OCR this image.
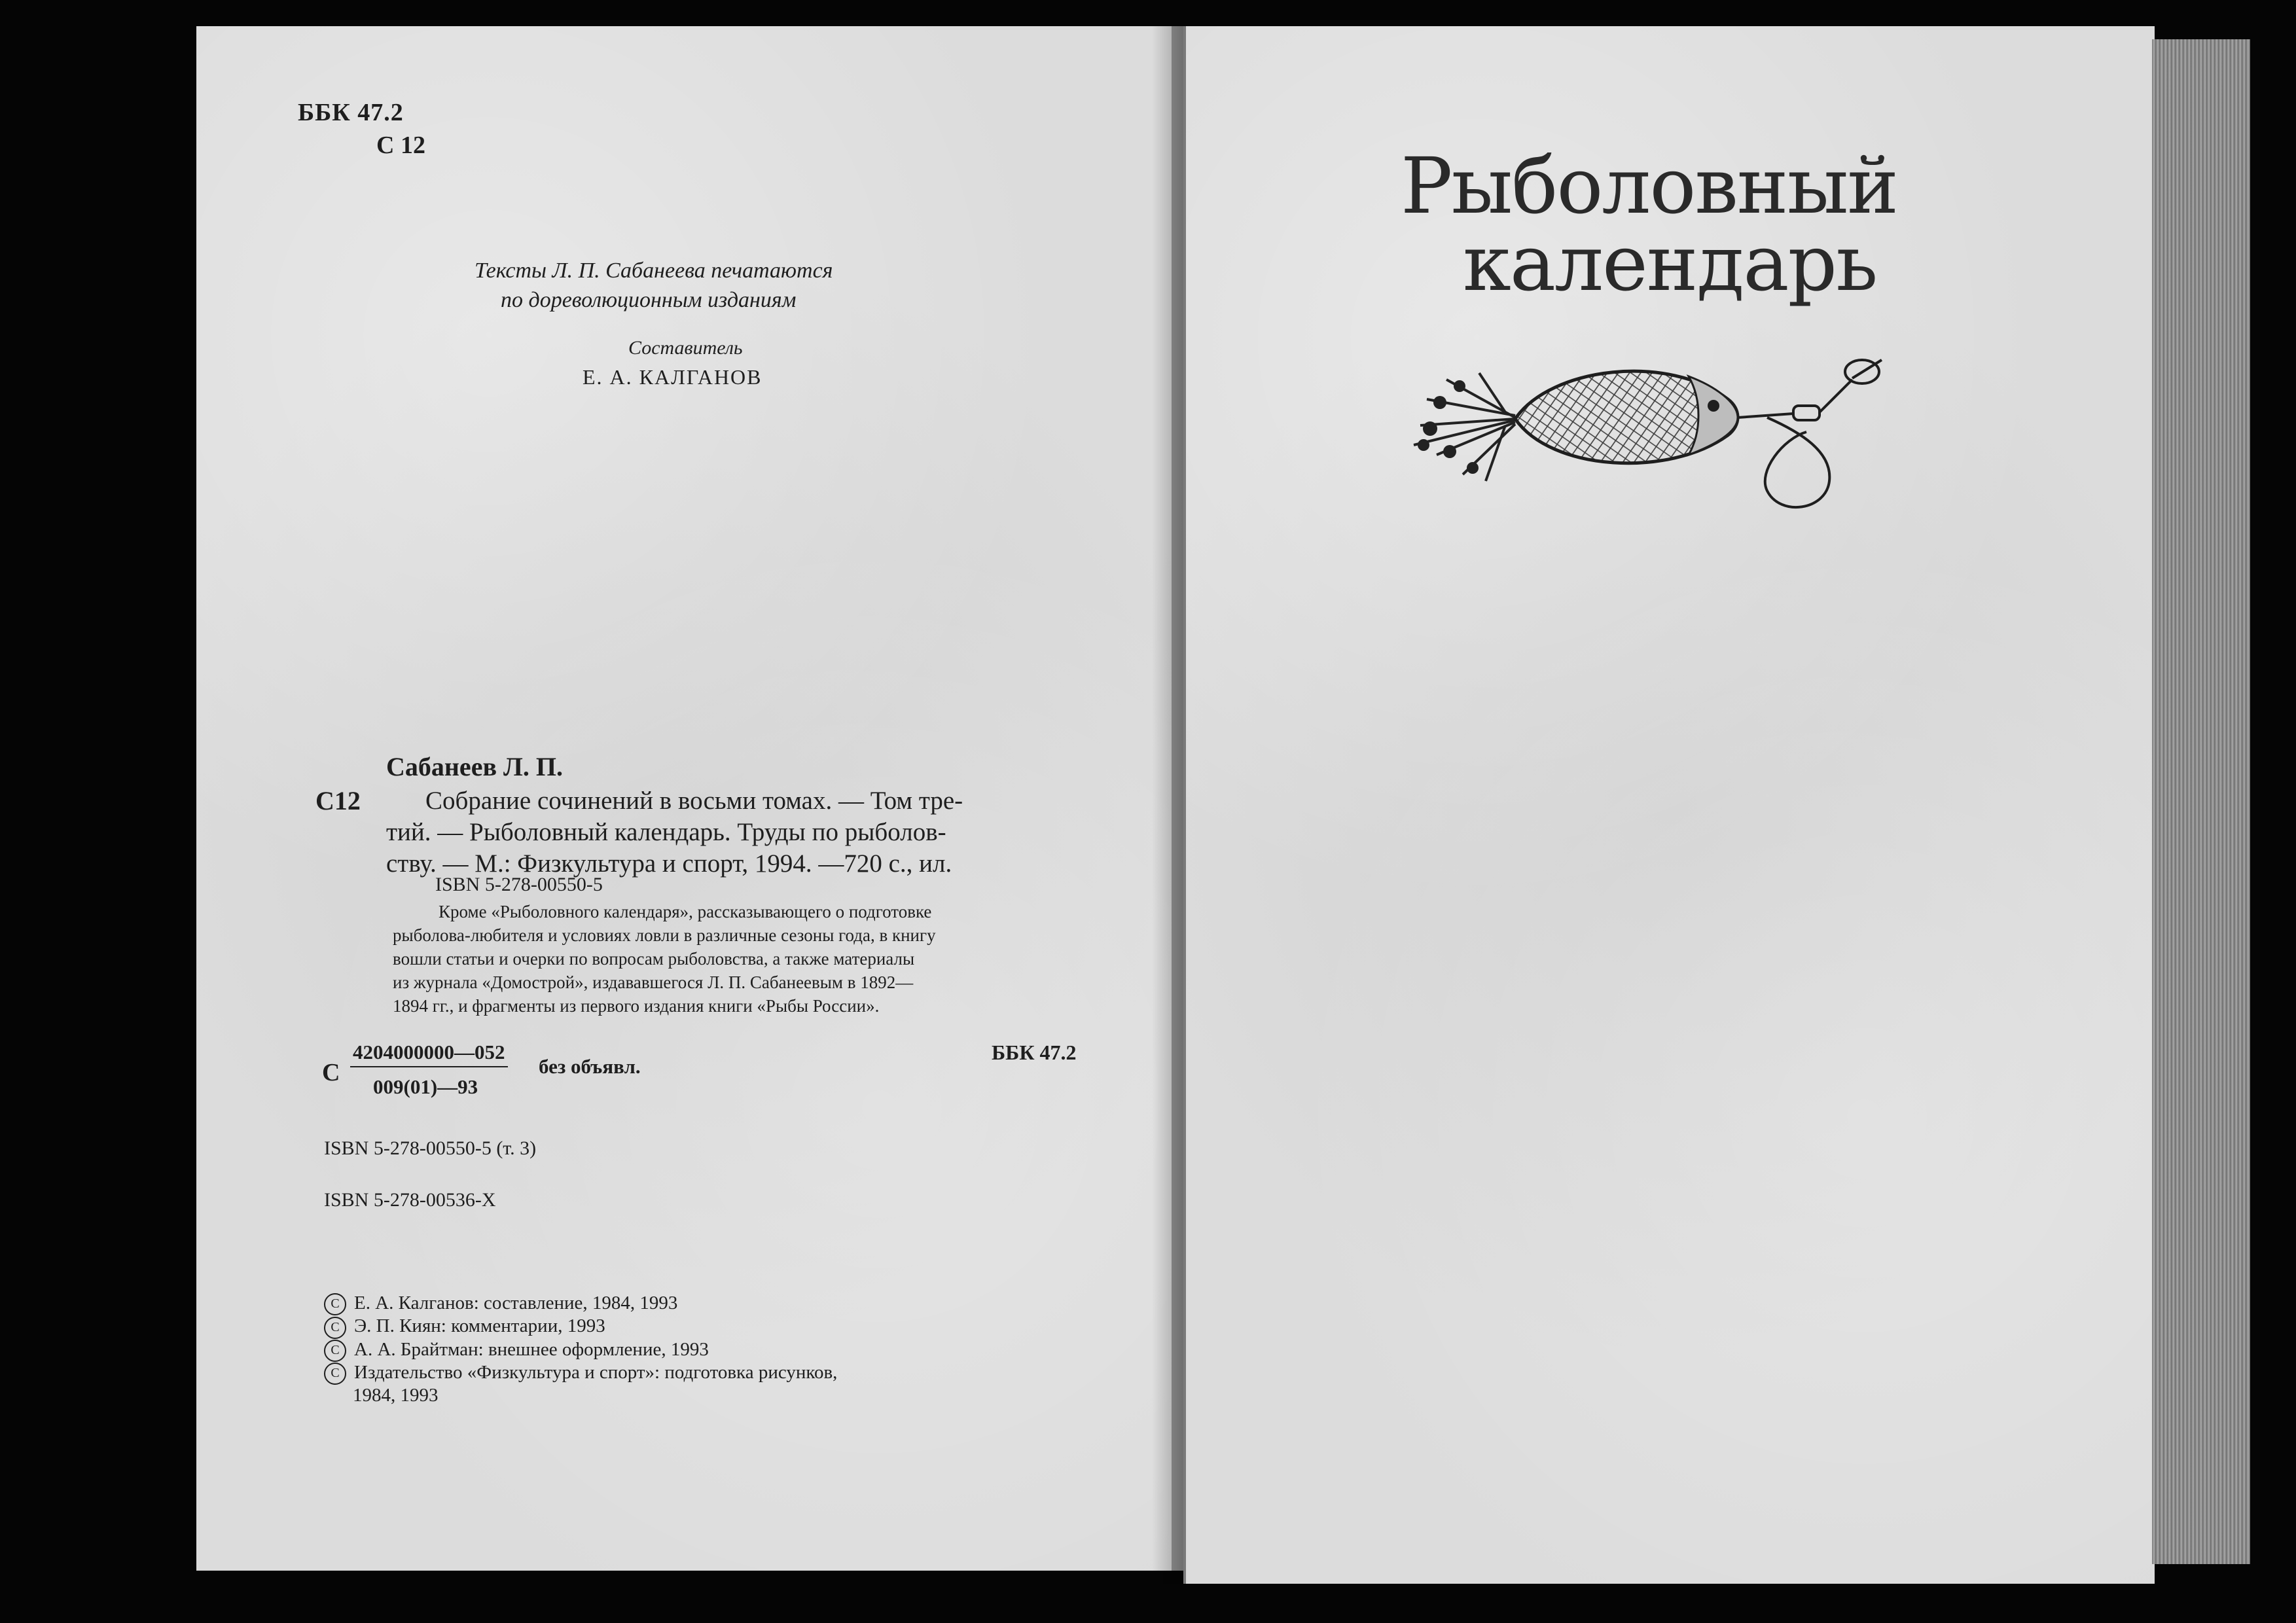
ББК 47.2
С 12
Тексты Л. П. Сабанеева печатаются
по дореволюционным изданиям
Составитель
Е. А. КАЛГАНОВ
Сабанеев Л. П.
С12	Собрание сочинений в восьми томах. — Том тре-
тий. — Рыболовный календарь. Труды по рыболов-
ству. — М.: Физкультура и спорт, 1994. —720 с., ил.
ISBN 5-278-00550-5
Кроме «Рыболовного календаря», рассказывающего о подготовке
рыболова-любителя и условиях ловли в различные сезоны года, в книгу
вошли статьи и очерки по вопросам рыболовства, а также материалы
из журнала «Домострой», издававшегося Л. П. Сабанеевым в 1892—
1894 гг., и фрагменты из первого издания книги «Рыбы России».
С
4204000000—052
009(01)—93
без объявл.
ББК 47.2
ISBN 5-278-00550-5 (т. 3)
ISBN 5-278-00536-X
C Е. А. Калганов: составление, 1984, 1993
C Э. П. Киян: комментарии, 1993
C А. А. Брайтман: внешнее оформление, 1993
C Издательство «Физкультура и спорт»: подготовка рисунков,
1984, 1993
Рыболовный
календарь
